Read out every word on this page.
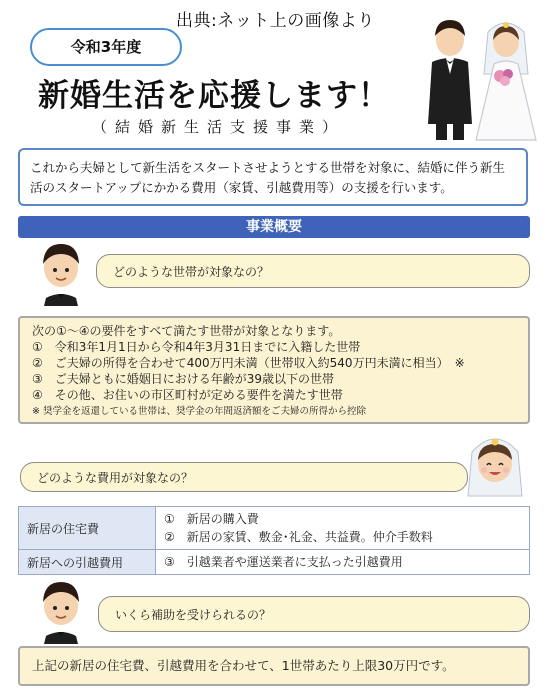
出典:ネット上の画像より
令和3年度
新婚生活を応援します！
（結婚新生活支援事業）
これから夫婦として新生活をスタートさせようとする世帯を対象に、結婚に伴う新生活のスタートアップにかかる費用（家賃、引越費用等）の支援を行います。
事業概要
どのような世帯が対象なの？
次の①～④の要件をすべて満たす世帯が対象となります。
①　令和3年1月1日から令和4年3月31日までに入籍した世帯
②　ご夫婦の所得を合わせて400万円未満（世帯収入約540万円未満に相当）　※
③　ご夫婦ともに婚姻日における年齢が39歳以下の世帯
④　その他、お住いの市区町村が定める要件を満たす世帯
※ 奨学金を返還している世帯は、奨学金の年間返済額をご夫婦の所得から控除
どのような費用が対象なの？
新居の住宅費	①　新居の購入費
②　新居の家賃、敷金･礼金、共益費。仲介手数料

新居への引越費用	③　引越業者や運送業者に支払った引越費用
いくら補助を受けられるの？
上記の新居の住宅費、引越費用を合わせて、1世帯あたり上限30万円です。
